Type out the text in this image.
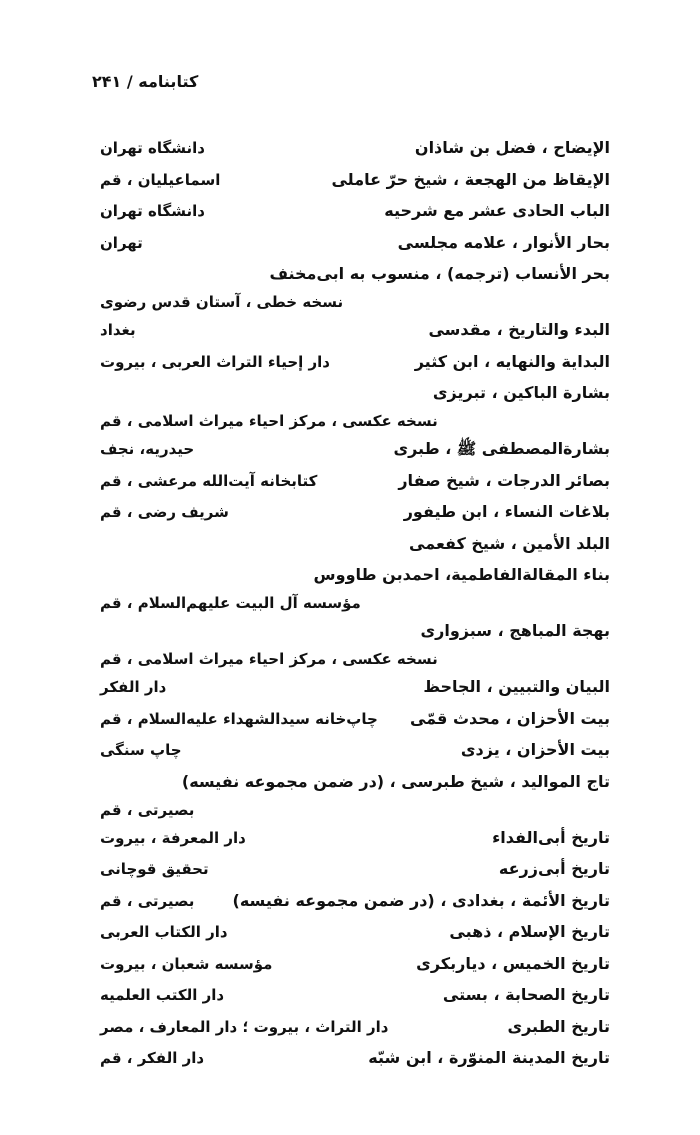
کتابنامه / ۲۴۱
الإیضاح ، فضل بن شاذان
دانشگاه تهران
الإیقاظ من الهجعة ، شیخ حرّ عاملی
اسماعیلیان ، قم
الباب الحادی عشر مع شرحیه
دانشگاه تهران
بحار الأنوار ، علامه مجلسی
تهران
بحر الأنساب (ترجمه) ، منسوب به ابی‌مخنف
نسخه خطی ، آستان قدس رضوی
البدء والتاریخ ، مقدسی
بغداد
البدایة والنهایه ، ابن کثیر
دار إحیاء التراث العربی ، بیروت
بشارة الباکین ، تبریزی
نسخه عکسی ، مرکز احیاء میراث اسلامی ، قم
بشارةالمصطفی ﷺ ، طبری
حیدریه، نجف
بصائر الدرجات ، شیخ صفار
کتابخانه آیت‌الله مرعشی ، قم
بلاغات النساء ، ابن طیفور
شریف رضی ، قم
البلد الأمین ، شیخ کفعمی
بناء المقالةالفاطمیة، احمدبن طاووس
مؤسسه آل البیت علیهم‌السلام ، قم
بهجة المباهج ، سبزواری
نسخه عکسی ، مرکز احیاء میراث اسلامی ، قم
البیان والتبیین ، الجاحظ
دار الفکر
بیت الأحزان ، محدث قمّی
چاپ‌خانه سیدالشهداء علیه‌السلام ، قم
بیت الأحزان ، یزدی
چاپ سنگی
تاج الموالید ، شیخ طبرسی ، (در ضمن مجموعه نفیسه)
بصیرتی ، قم
تاریخ أبی‌الفداء
دار المعرفة ، بیروت
تاریخ أبی‌زرعه
تحقیق قوچانی
تاریخ الأئمة ، بغدادی ، (در ضمن مجموعه نفیسه)
بصیرتی ، قم
تاریخ الإسلام ، ذهبی
دار الکتاب العربی
تاریخ الخمیس ، دیاربکری
مؤسسه شعبان ، بیروت
تاریخ الصحابة ، بستی
دار الکتب العلمیه
تاریخ الطبری
دار التراث ، بیروت ؛ دار المعارف ، مصر
تاریخ المدینة المنوّرة ، ابن شبّه
دار الفکر ، قم
